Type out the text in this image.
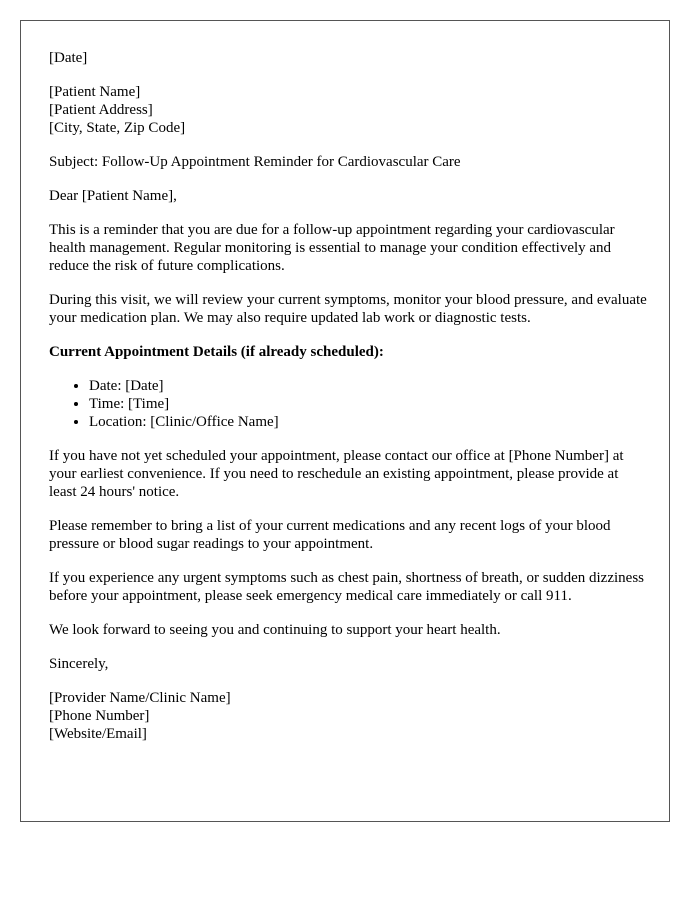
[Date]

[Patient Name]

[Patient Address]

[City, State, Zip Code]

Subject: Follow-Up Appointment Reminder for Cardiovascular Care

Dear [Patient Name],

This is a reminder that you are due for a follow-up appointment regarding your cardiovascular health management. Regular monitoring is essential to manage your condition effectively and reduce the risk of future complications.

During this visit, we will review your current symptoms, monitor your blood pressure, and evaluate your medication plan. We may also require updated lab work or diagnostic tests.

Current Appointment Details (if already scheduled):

• Date: [Date]
• Time: [Time]
• Location: [Clinic/Office Name]

If you have not yet scheduled your appointment, please contact our office at [Phone Number] at your earliest convenience. If you need to reschedule an existing appointment, please provide at least 24 hours' notice.

Please remember to bring a list of your current medications and any recent logs of your blood pressure or blood sugar readings to your appointment.

If you experience any urgent symptoms such as chest pain, shortness of breath, or sudden dizziness before your appointment, please seek emergency medical care immediately or call 911.

We look forward to seeing you and continuing to support your heart health.

Sincerely,

[Provider Name/Clinic Name]

[Phone Number]

[Website/Email]
